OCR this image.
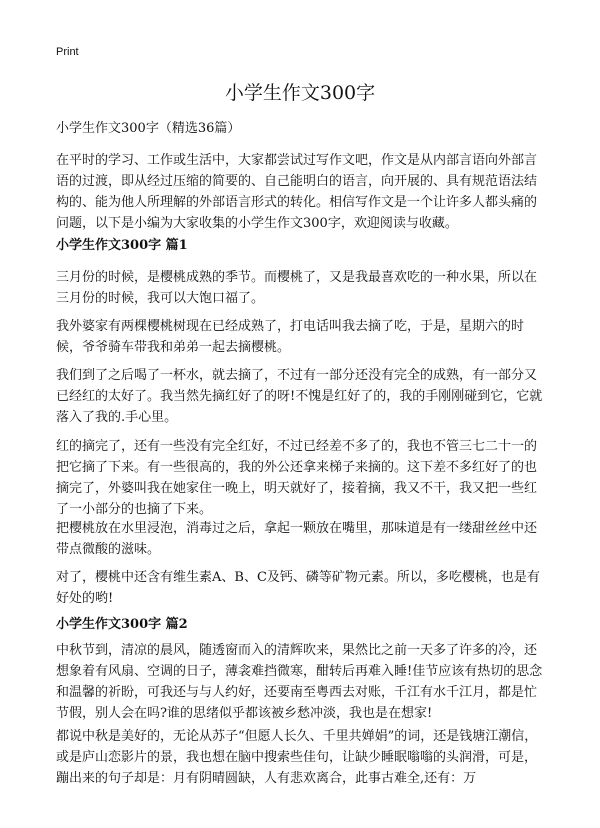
Print
小学生作文300字

小学生作文300字（精选36篇）

在平时的学习、工作或生活中，大家都尝试过写作文吧，作文是从内部言语向外部言语的过渡，即从经过压缩的简要的、自己能明白的语言，向开展的、具有规范语法结构的、能为他人所理解的外部语言形式的转化。相信写作文是一个让许多人都头痛的问题，以下是小编为大家收集的小学生作文300字，欢迎阅读与收藏。

小学生作文300字 篇1

三月份的时候，是樱桃成熟的季节。而樱桃了，又是我最喜欢吃的一种水果，所以在三月份的时候，我可以大饱口福了。

我外婆家有两棵樱桃树现在已经成熟了，打电话叫我去摘了吃，于是，星期六的时候，爷爷骑车带我和弟弟一起去摘樱桃。

我们到了之后喝了一杯水，就去摘了，不过有一部分还没有完全的成熟，有一部分又已经红的太好了。我当然先摘红好了的呀!不愧是红好了的，我的手刚刚碰到它，它就落入了我的.手心里。

红的摘完了，还有一些没有完全红好，不过已经差不多了的，我也不管三七二十一的把它摘了下来。有一些很高的，我的外公还拿来梯子来摘的。这下差不多红好了的也摘完了，外婆叫我在她家住一晚上，明天就好了，接着摘，我又不干，我又把一些红了一小部分的也摘了下来。

把樱桃放在水里浸泡，消毒过之后，拿起一颗放在嘴里，那味道是有一缕甜丝丝中还带点微酸的滋味。

对了，樱桃中还含有维生素A、B、C及钙、磷等矿物元素。所以，多吃樱桃，也是有好处的哟!

小学生作文300字 篇2

中秋节到，清凉的晨风，随透窗而入的清辉吹来，果然比之前一天多了许多的冷，还想象着有风扇、空调的日子，薄衾难挡微寒，酣转后再难入睡!佳节应该有热切的思念和温馨的祈盼，可我还与与人约好，还要南至粤西去对账，千江有水千江月，都是忙节假，别人会在吗?谁的思绪似乎都该被乡愁冲淡，我也是在想家!

都说中秋是美好的，无论从苏子“但愿人长久、千里共婵娟”的词，还是钱塘江潮信，或是庐山恋影片的景，我也想在脑中搜索些佳句，让缺少睡眠嗡嗡的头润滑，可是，蹦出来的句子却是：月有阴晴圆缺，人有悲欢离合，此事古难全,还有：万
